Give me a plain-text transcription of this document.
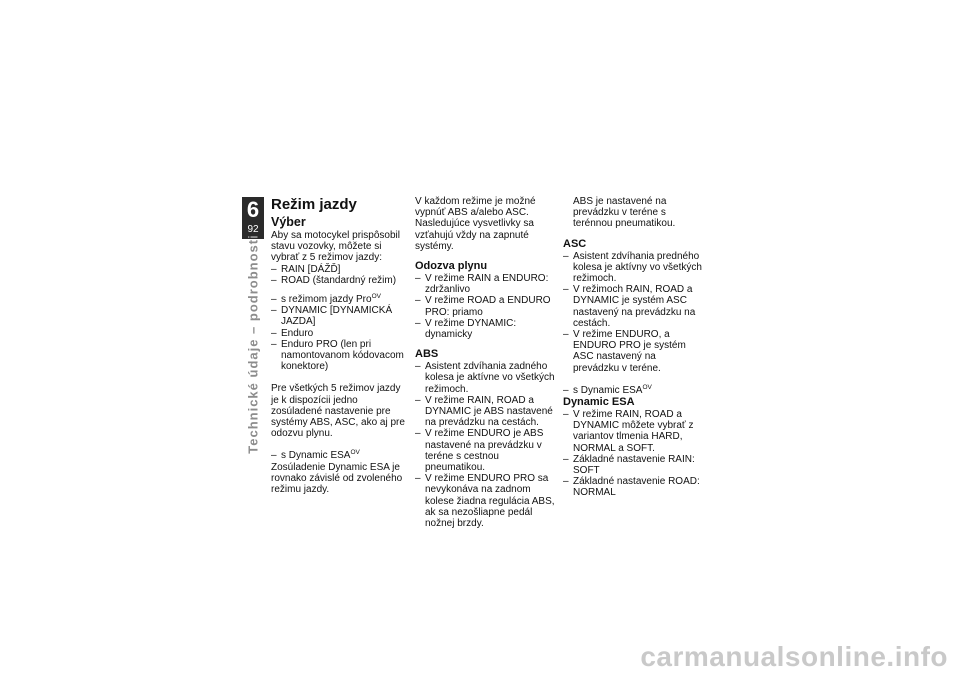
6
92
Technické údaje – podrobnosti
Režim jazdy
Výber

Aby sa motocykel prispôsobil stavu vozovky, môžete si vybrať z 5 režimov jazdy:

– RAIN [DÁŽĎ]
– ROAD (štandardný režim)
– s režimom jazdy Pro$^{OV}$
– DYNAMIC [DYNAMICKÁ JAZDA]
– Enduro
– Enduro PRO (len pri namontovanom kódovacom konektore)

Pre všetkých 5 režimov jazdy je k dispozícii jedno zosúladené nastavenie pre systémy ABS, ASC, ako aj pre odozvu plynu.

– s Dynamic $ESA^{OV}$

Zosúladenie Dynamic ESA je rovnako závislé od zvoleného režimu jazdy.

V každom režime je možné vypnúť ABS a/alebo ASC. Nasledujúce vysvetlivky sa vzťahujú vždy na zapnuté systémy.

Odozva plynu
– V režime RAIN a ENDURO: zdržanlivo
– V režime ROAD a ENDURO PRO: priamo
– V režime DYNAMIC: dynamicky
ABS
– Asistent zdvíhania zadného kolesa je aktívne vo všetkých režimoch.
– V režime RAIN, ROAD a DYNAMIC je ABS nastavené na prevádzku na cestách.
– V režime ENDURO je ABS nastavené na prevádzku v teréne s cestnou pneumatikou.
– V režime ENDURO PRO sa nevykonáva na zadnom kolese žiadna regulácia ABS, ak sa nezošliapne pedál nožnej brzdy.

ABS je nastavené na prevádzku v teréne s terénnou pneumatikou.

ASC
– Asistent zdvíhania predného kolesa je aktívny vo všetkých režimoch.
– V režimoch RAIN, ROAD a DYNAMIC je systém ASC nastavený na prevádzku na cestách.
– V režime ENDURO, a ENDURO PRO je systém ASC nastavený na prevádzku v teréne.
– s Dynamic $ESA^{OV}$
Dynamic ESA
– V režime RAIN, ROAD a DYNAMIC môžete vybrať z variantov tlmenia HARD, NORMAL a SOFT.
– Základné nastavenie RAIN: SOFT
– Základné nastavenie ROAD: NORMAL
carmanualsonline.info
